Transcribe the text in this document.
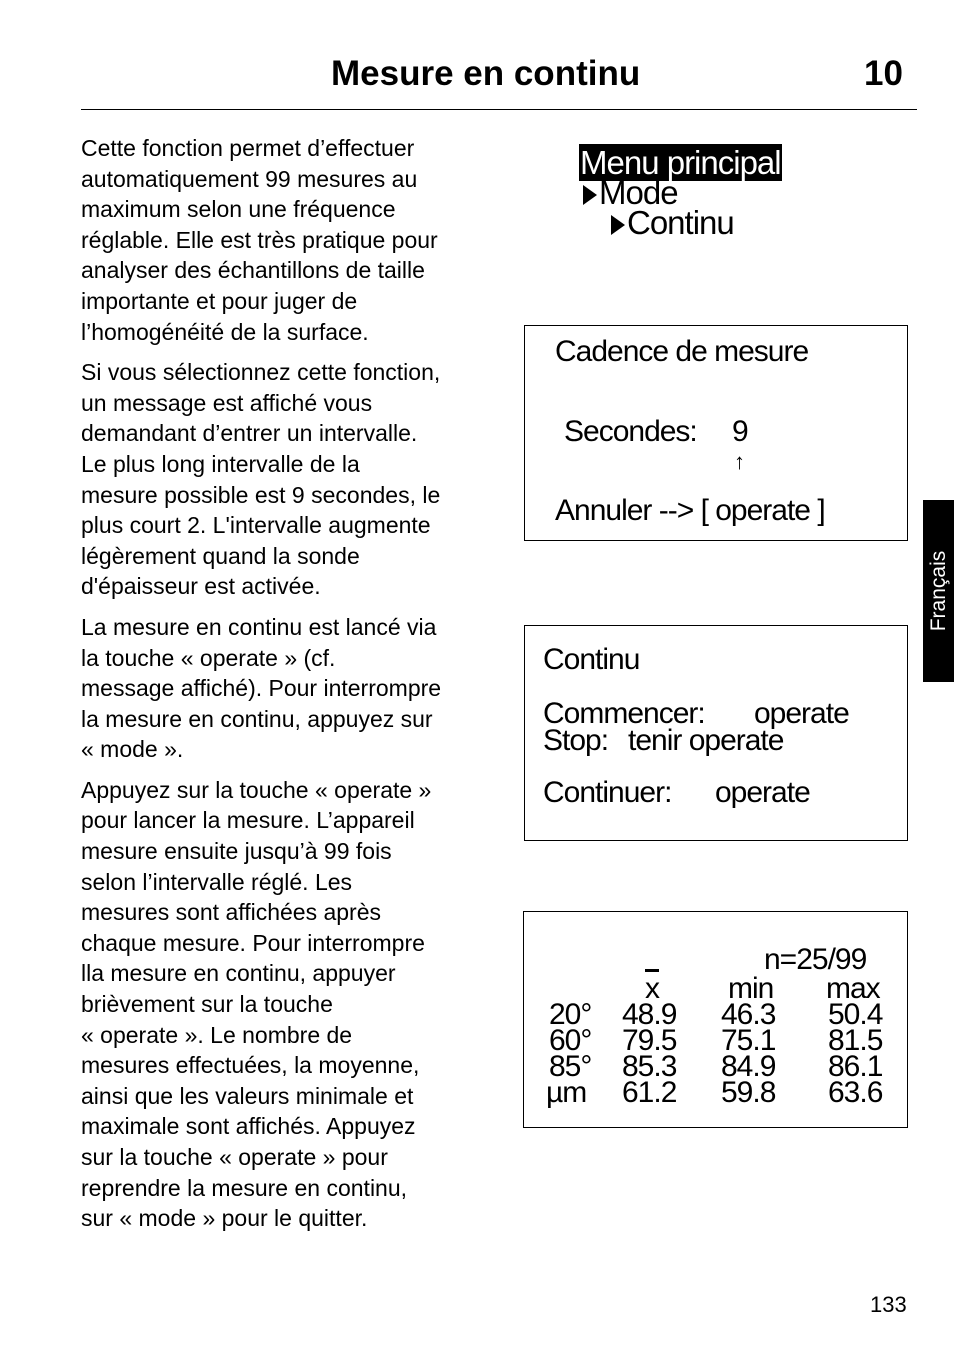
Mesure en continu	10

Cette fonction permet d’effectuer
automatiquement 99 mesures au
maximum selon une fréquence
réglable. Elle est très pratique pour
analyser des échantillons de taille
importante et pour juger de
l’homogénéité de la surface.

Si vous sélectionnez cette fonction,
un message est affiché vous
demandant d’entrer un intervalle.
Le plus long intervalle de la
mesure possible est 9 secondes, le
plus court 2. L'intervalle augmente
légèrement quand la sonde
d'épaisseur est activée.

La mesure en continu est lancé via
la touche « operate » (cf.
message affiché). Pour interrompre
la mesure en continu, appuyez sur
« mode ».

Appuyez sur la touche « operate »
pour lancer la mesure. L’appareil
mesure ensuite jusqu’à 99 fois
selon l’intervalle réglé. Les
mesures sont affichées après
chaque mesure. Pour interrompre
lla mesure en continu, appuyer
brièvement sur la touche
« operate ». Le nombre de
mesures effectuées, la moyenne,
ainsi que les valeurs minimale et
maximale sont affichés. Appuyez
sur la touche « operate » pour
reprendre la mesure en continu,
sur « mode » pour le quitter.

Menu principal
Mode
Continu
Cadence de mesure
Secondes: 9
↑
Annuler --> [ operate ]
Continu
Commencer: operate
Stop: tenir operate
Continuer: operate
n=25/99
$\overline{x}$ min max
20° 48.9 46.3 50.4
60° 79.5 75.1 81.5
85° 85.3 84.9 86.1
µm 61.2 59.8 63.6
Français
133
